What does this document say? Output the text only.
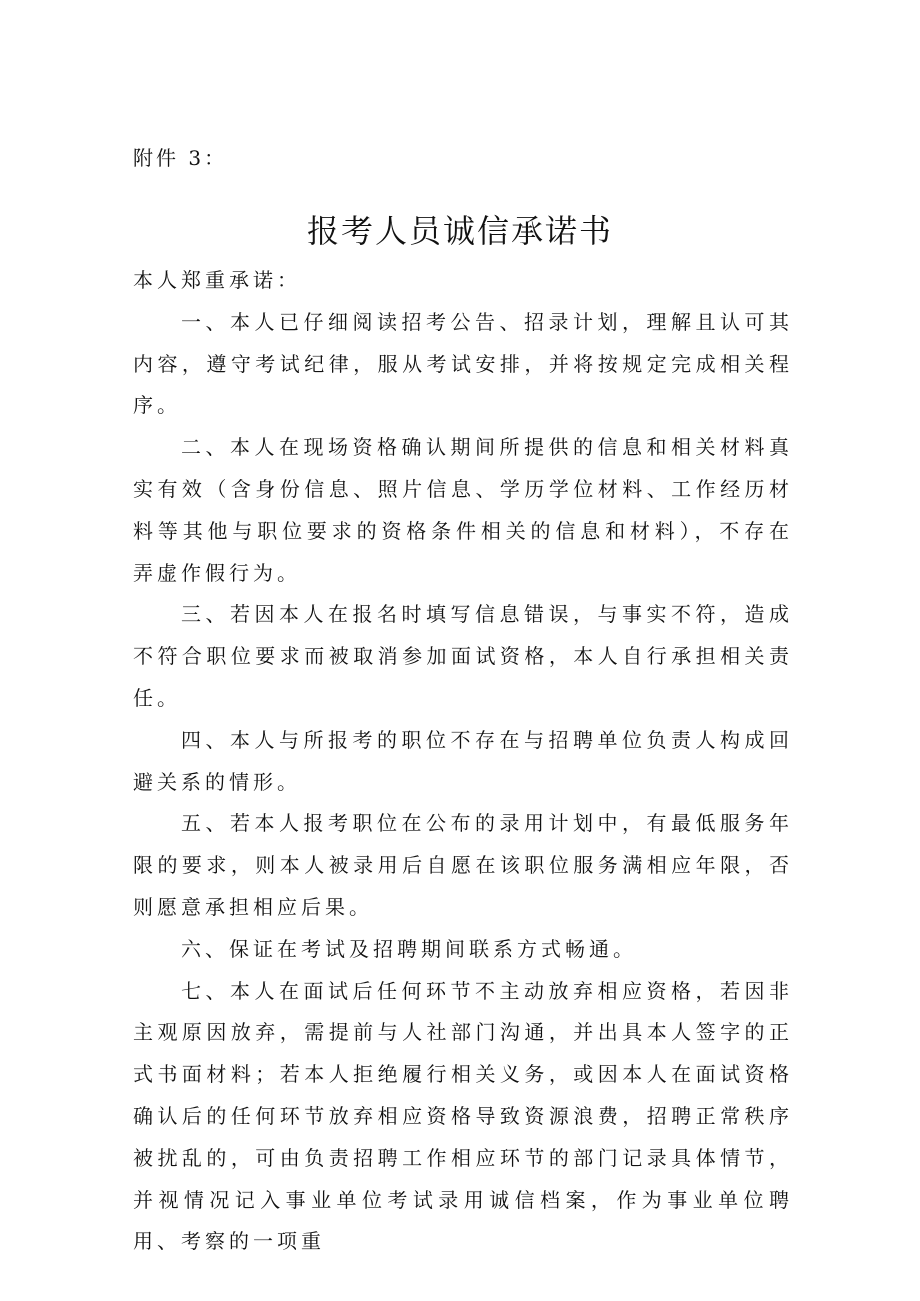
附件 3：
报考人员诚信承诺书

本人郑重承诺：

一、本人已仔细阅读招考公告、招录计划，理解且认可其内容，遵守考试纪律，服从考试安排，并将按规定完成相关程序。

二、本人在现场资格确认期间所提供的信息和相关材料真实有效（含身份信息、照片信息、学历学位材料、工作经历材料等其他与职位要求的资格条件相关的信息和材料），不存在弄虚作假行为。

三、若因本人在报名时填写信息错误，与事实不符，造成不符合职位要求而被取消参加面试资格，本人自行承担相关责任。

四、本人与所报考的职位不存在与招聘单位负责人构成回避关系的情形。

五、若本人报考职位在公布的录用计划中，有最低服务年限的要求，则本人被录用后自愿在该职位服务满相应年限，否则愿意承担相应后果。

六、保证在考试及招聘期间联系方式畅通。

七、本人在面试后任何环节不主动放弃相应资格，若因非主观原因放弃，需提前与人社部门沟通，并出具本人签字的正式书面材料；若本人拒绝履行相关义务，或因本人在面试资格确认后的任何环节放弃相应资格导致资源浪费，招聘正常秩序被扰乱的，可由负责招聘工作相应环节的部门记录具体情节，并视情况记入事业单位考试录用诚信档案，作为事业单位聘用、考察的一项重
